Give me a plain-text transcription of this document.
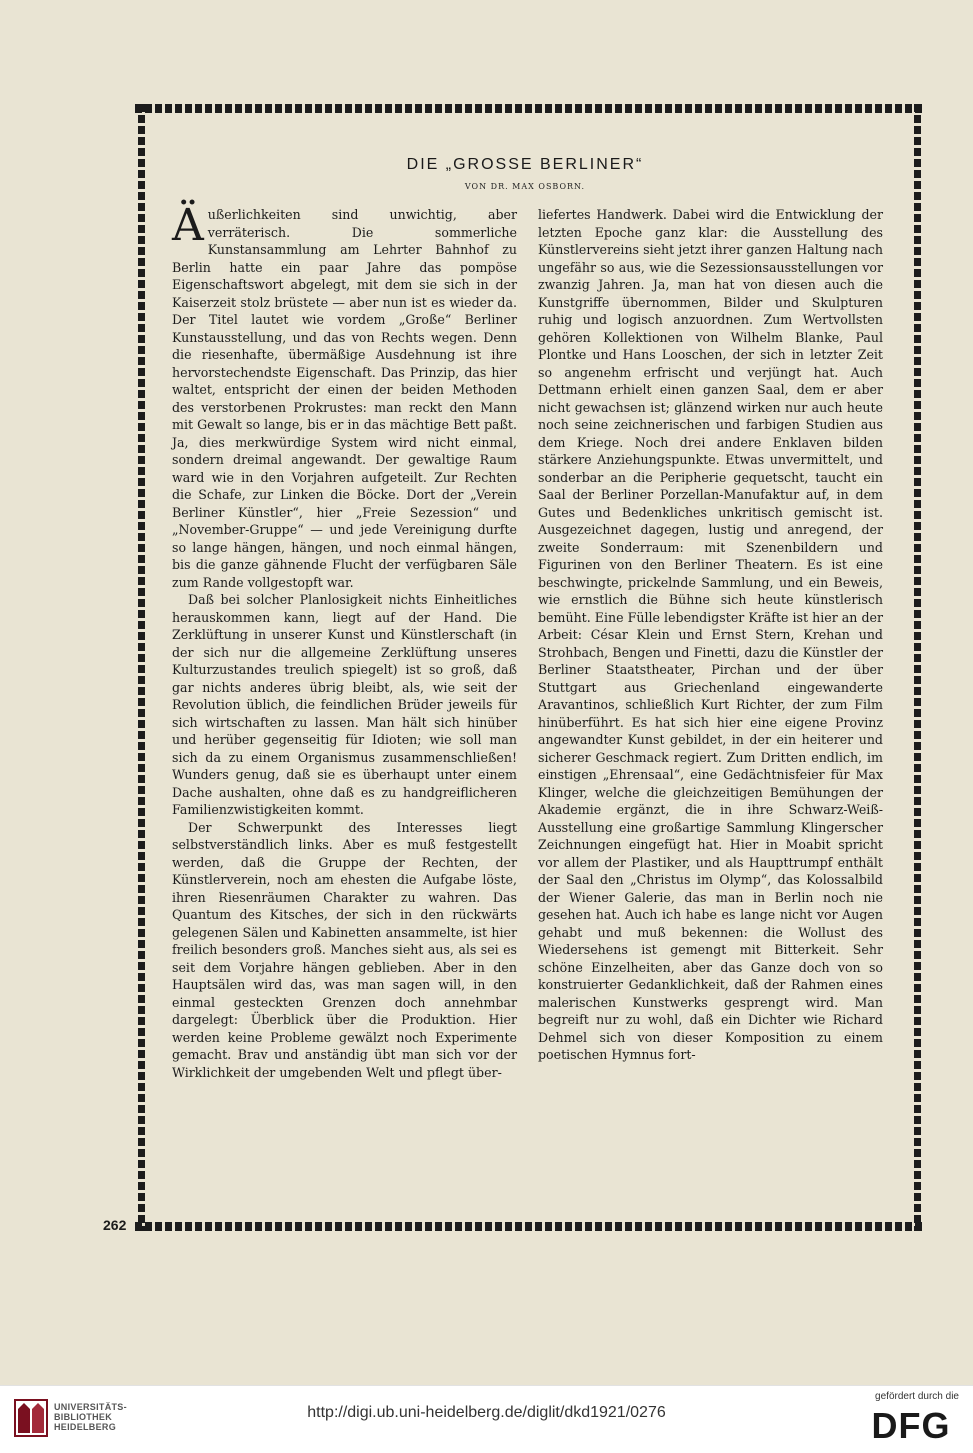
DIE „GROSSE BERLINER“
VON DR. MAX OSBORN.

Äußerlichkeiten sind unwichtig, aber verräterisch. Die sommerliche Kunstansammlung am Lehrter Bahnhof zu Berlin hatte ein paar Jahre das pompöse Eigenschaftswort abgelegt, mit dem sie sich in der Kaiserzeit stolz brüstete — aber nun ist es wieder da. Der Titel lautet wie vordem „Große“ Berliner Kunstausstellung, und das von Rechts wegen. Denn die riesenhafte, übermäßige Ausdehnung ist ihre hervorstechendste Eigenschaft. Das Prinzip, das hier waltet, entspricht der einen der beiden Methoden des verstorbenen Prokrustes: man reckt den Mann mit Gewalt so lange, bis er in das mächtige Bett paßt. Ja, dies merkwürdige System wird nicht einmal, sondern dreimal angewandt. Der gewaltige Raum ward wie in den Vorjahren aufgeteilt. Zur Rechten die Schafe, zur Linken die Böcke. Dort der „Verein Berliner Künstler“, hier „Freie Sezession“ und „November-Gruppe“ — und jede Vereinigung durfte so lange hängen, hängen, und noch einmal hängen, bis die ganze gähnende Flucht der verfügbaren Säle zum Rande vollgestopft war.

Daß bei solcher Planlosigkeit nichts Einheitliches herauskommen kann, liegt auf der Hand. Die Zerklüftung in unserer Kunst und Künstlerschaft (in der sich nur die allgemeine Zerklüftung unseres Kulturzustandes treulich spiegelt) ist so groß, daß gar nichts anderes übrig bleibt, als, wie seit der Revolution üblich, die feindlichen Brüder jeweils für sich wirtschaften zu lassen. Man hält sich hinüber und herüber gegenseitig für Idioten; wie soll man sich da zu einem Organismus zusammenschließen! Wunders genug, daß sie es überhaupt unter einem Dache aushalten, ohne daß es zu handgreiflicheren Familienzwistigkeiten kommt.

Der Schwerpunkt des Interesses liegt selbstverständlich links. Aber es muß festgestellt werden, daß die Gruppe der Rechten, der Künstlerverein, noch am ehesten die Aufgabe löste, ihren Riesenräumen Charakter zu wahren. Das Quantum des Kitsches, der sich in den rückwärts gelegenen Sälen und Kabinetten ansammelte, ist hier freilich besonders groß. Manches sieht aus, als sei es seit dem Vorjahre hängen geblieben. Aber in den Hauptsälen wird das, was man sagen will, in den einmal gesteckten Grenzen doch annehmbar dargelegt: Überblick über die Produktion. Hier werden keine Probleme gewälzt noch Experimente gemacht. Brav und anständig übt man sich vor der Wirklichkeit der umgebenden Welt und pflegt über-

liefertes Handwerk. Dabei wird die Entwicklung der letzten Epoche ganz klar: die Ausstellung des Künstlervereins sieht jetzt ihrer ganzen Haltung nach ungefähr so aus, wie die Sezessionsausstellungen vor zwanzig Jahren. Ja, man hat von diesen auch die Kunstgriffe übernommen, Bilder und Skulpturen ruhig und logisch anzuordnen. Zum Wertvollsten gehören Kollektionen von Wilhelm Blanke, Paul Plontke und Hans Looschen, der sich in letzter Zeit so angenehm erfrischt und verjüngt hat. Auch Dettmann erhielt einen ganzen Saal, dem er aber nicht gewachsen ist; glänzend wirken nur auch heute noch seine zeichnerischen und farbigen Studien aus dem Kriege. Noch drei andere Enklaven bilden stärkere Anziehungspunkte. Etwas unvermittelt, und sonderbar an die Peripherie gequetscht, taucht ein Saal der Berliner Porzellan-Manufaktur auf, in dem Gutes und Bedenkliches unkritisch gemischt ist. Ausgezeichnet dagegen, lustig und anregend, der zweite Sonderraum: mit Szenenbildern und Figurinen von den Berliner Theatern. Es ist eine beschwingte, prickelnde Sammlung, und ein Beweis, wie ernstlich die Bühne sich heute künstlerisch bemüht. Eine Fülle lebendigster Kräfte ist hier an der Arbeit: César Klein und Ernst Stern, Krehan und Strohbach, Bengen und Finetti, dazu die Künstler der Berliner Staatstheater, Pirchan und der über Stuttgart aus Griechenland eingewanderte Aravantinos, schließlich Kurt Richter, der zum Film hinüberführt. Es hat sich hier eine eigene Provinz angewandter Kunst gebildet, in der ein heiterer und sicherer Geschmack regiert. Zum Dritten endlich, im einstigen „Ehrensaal“, eine Gedächtnisfeier für Max Klinger, welche die gleichzeitigen Bemühungen der Akademie ergänzt, die in ihre Schwarz-Weiß-Ausstellung eine großartige Sammlung Klingerscher Zeichnungen eingefügt hat. Hier in Moabit spricht vor allem der Plastiker, und als Haupttrumpf enthält der Saal den „Christus im Olymp“, das Kolossalbild der Wiener Galerie, das man in Berlin noch nie gesehen hat. Auch ich habe es lange nicht vor Augen gehabt und muß bekennen: die Wollust des Wiedersehens ist gemengt mit Bitterkeit. Sehr schöne Einzelheiten, aber das Ganze doch von so konstruierter Gedanklichkeit, daß der Rahmen eines malerischen Kunstwerks gesprengt wird. Man begreift nur zu wohl, daß ein Dichter wie Richard Dehmel sich von dieser Komposition zu einem poetischen Hymnus fort-

262
UNIVERSITÄTS-
BIBLIOTHEK
HEIDELBERG
http://digi.ub.uni-heidelberg.de/diglit/dkd1921/0276
gefördert durch die
DFG
